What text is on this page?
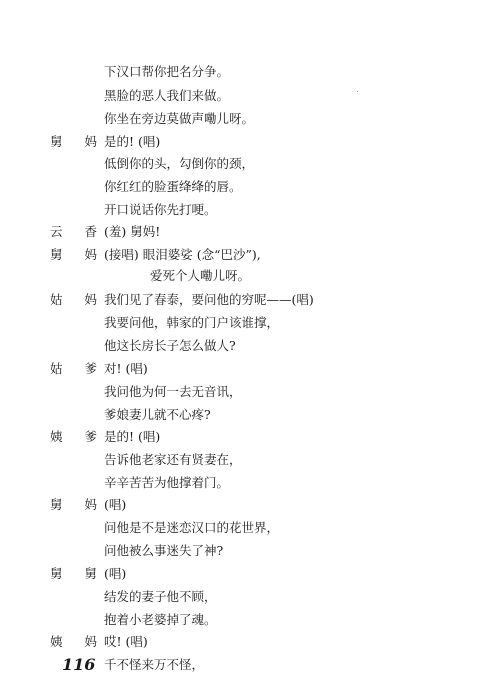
下汉口帮你把名分争。
黑脸的恶人我们来做。
你坐在旁边莫做声嘞儿呀。
舅 妈
是的! (唱)
低倒你的头，勾倒你的颈，
你红红的脸蛋绛绛的唇。
开口说话你先打哽。
云 香
(羞) 舅妈!
舅 妈
(接唱) 眼泪婆娑 (念“巴沙”),
爱死个人嘞儿呀。
姑 妈
我们见了春泰，要问他的穷呢——(唱)
我要问他，韩家的门户该谁撑，
他这长房长子怎么做人?
姑 爹
对! (唱)
我问他为何一去无音讯，
爹娘妻儿就不心疼?
姨 爹
是的! (唱)
告诉他老家还有贤妻在，
辛辛苦苦为他撑着门。
舅 妈
(唱)
问他是不是迷恋汉口的花世界，
问他被么事迷失了神?
舅 舅
(唱)
结发的妻子他不顾，
抱着小老婆掉了魂。
姨 妈
哎! (唱)
千不怪来万不怪，
116
